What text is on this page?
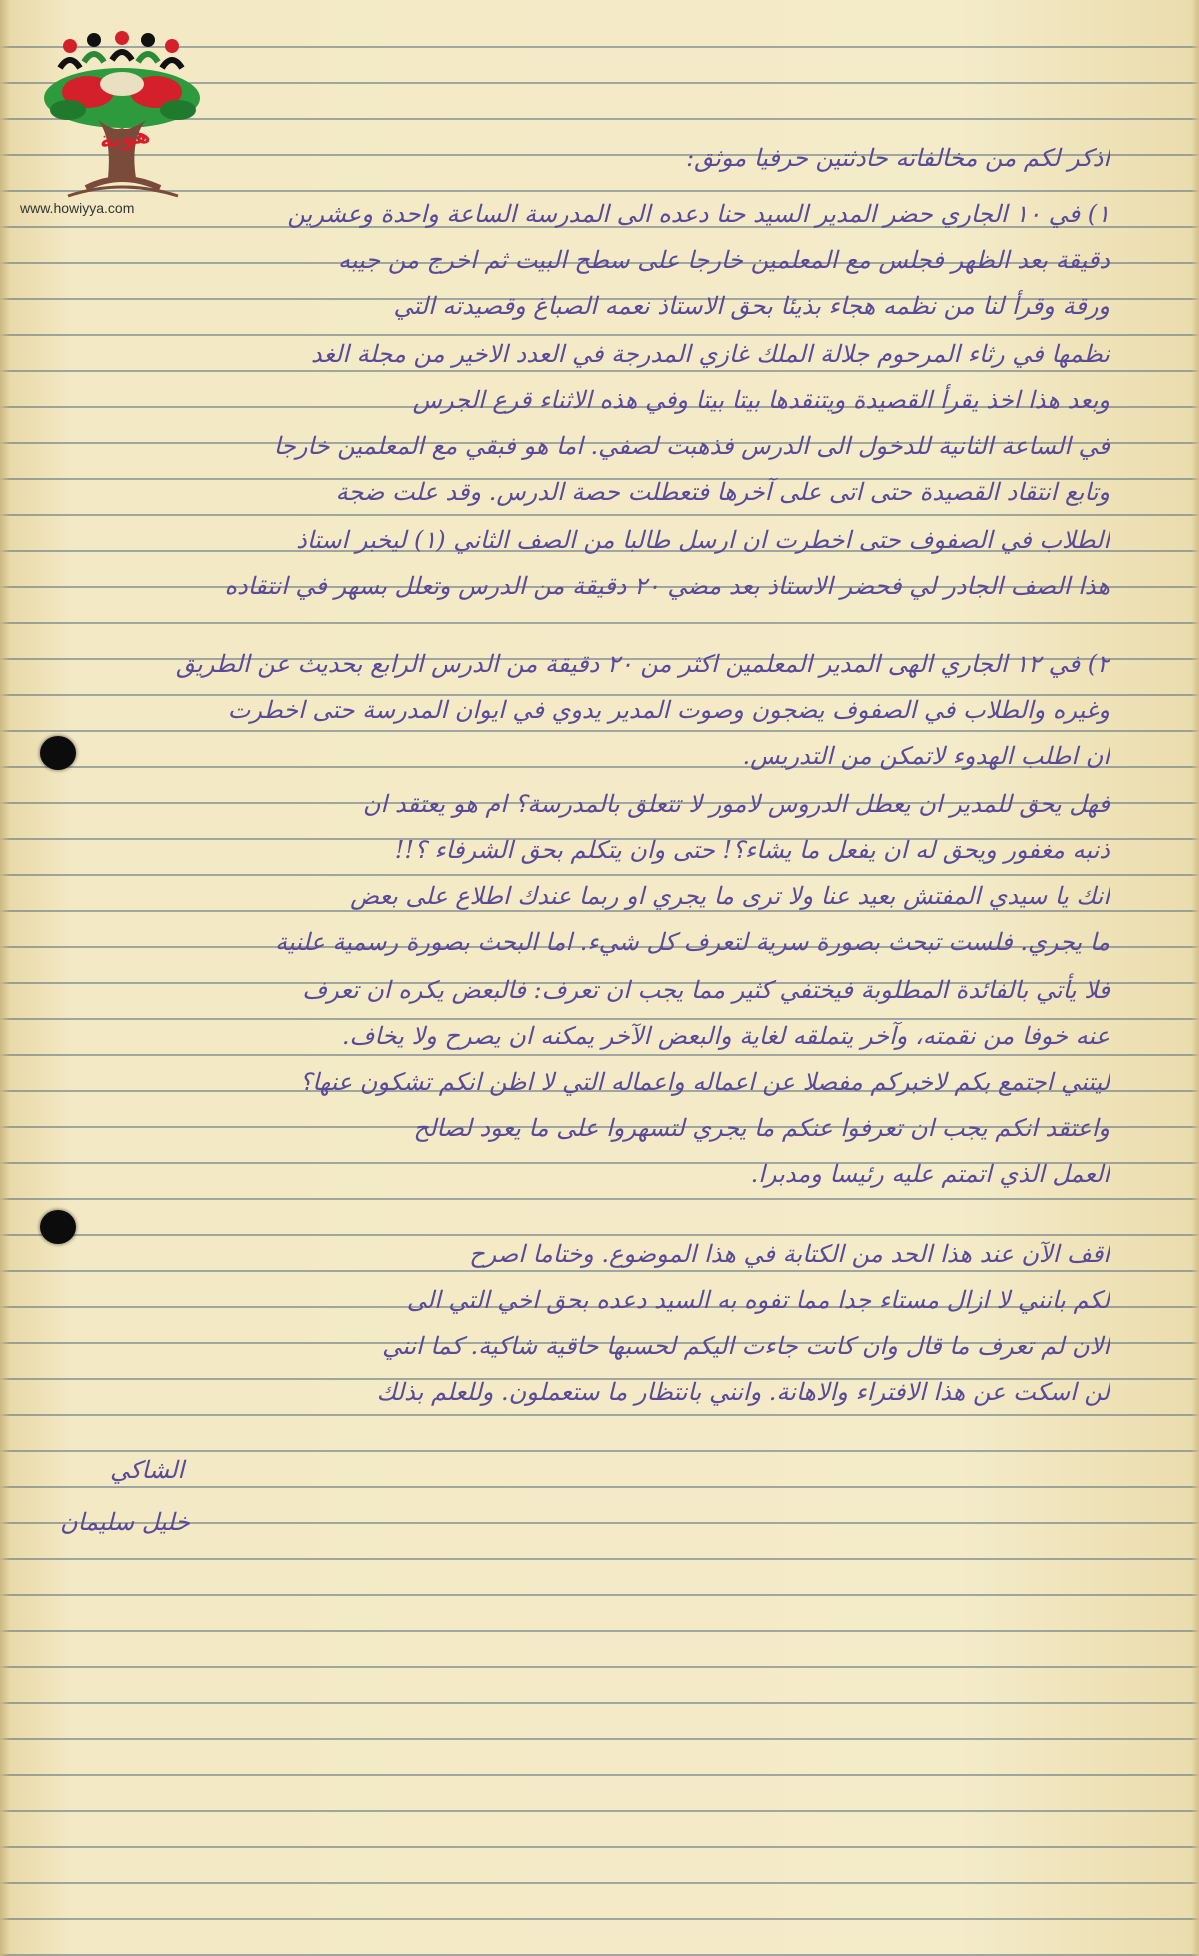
هوية
www.howiyya.com
اذكر لكم من مخالفاته حادثتين حرفيا موثق:
١) في ١٠ الجاري حضر المدير السيد حنا دعده الى المدرسة الساعة واحدة وعشرين
دقيقة بعد الظهر فجلس مع المعلمين خارجا على سطح البيت ثم اخرج من جيبه
ورقة وقرأ لنا من نظمه هجاء بذيئا بحق الاستاذ نعمه الصباغ وقصيدته التي
نظمها في رثاء المرحوم جلالة الملك غازي المدرجة في العدد الاخير من مجلة الغد
وبعد هذا اخذ يقرأ القصيدة ويتنقدها بيتا بيتا وفي هذه الاثناء قرع الجرس
في الساعة الثانية للدخول الى الدرس فذهبت لصفي. اما هو فبقي مع المعلمين خارجا
وتابع انتقاد القصيدة حتى اتى على آخرها فتعطلت حصة الدرس. وقد علت ضجة
الطلاب في الصفوف حتى اخطرت ان ارسل طالبا من الصف الثاني (١) ليخبر استاذ
هذا الصف الجادر لي فحضر الاستاذ بعد مضي ٢٠ دقيقة من الدرس وتعلل بسهر في انتقاده
٢) في ١٢ الجاري الهى المدير المعلمين اكثر من ٢٠ دقيقة من الدرس الرابع بحديث عن الطريق
وغيره والطلاب في الصفوف يضجون وصوت المدير يدوي في ايوان المدرسة حتى اخطرت
ان اطلب الهدوء لاتمكن من التدريس.
فهل يحق للمدير ان يعطل الدروس لامور لا تتعلق بالمدرسة؟ ام هو يعتقد ان
ذنبه مغفور ويحق له ان يفعل ما يشاء؟! حتى وان يتكلم بحق الشرفاء ؟!!
انك يا سيدي المفتش بعيد عنا ولا ترى ما يجري او ربما عندك اطلاع على بعض
ما يجري. فلست تبحث بصورة سرية لتعرف كل شيء. اما البحث بصورة رسمية علنية
فلا يأتي بالفائدة المطلوبة فيختفي كثير مما يجب ان تعرف: فالبعض يكره ان تعرف
عنه خوفا من نقمته، وآخر يتملقه لغاية والبعض الآخر يمكنه ان يصرح ولا يخاف.
ليتني اجتمع بكم لاخبركم مفصلا عن اعماله واعماله التي لا اظن انكم تشكون عنها؟
واعتقد انكم يجب ان تعرفوا عنكم ما يجري لتسهروا على ما يعود لصالح
العمل الذي اتمتم عليه رئيسا ومدبرا.
اقف الآن عند هذا الحد من الكتابة في هذا الموضوع. وختاما اصرح
لكم بانني لا ازال مستاء جدا مما تفوه به السيد دعده بحق اخي التي الى
الان لم تعرف ما قال وان كانت جاءت اليكم لحسبها حاقية شاكية. كما انني
لن اسكت عن هذا الافتراء والاهانة. وانني بانتظار ما ستعملون. وللعلم بذلك
الشاكي
خليل سليمان
